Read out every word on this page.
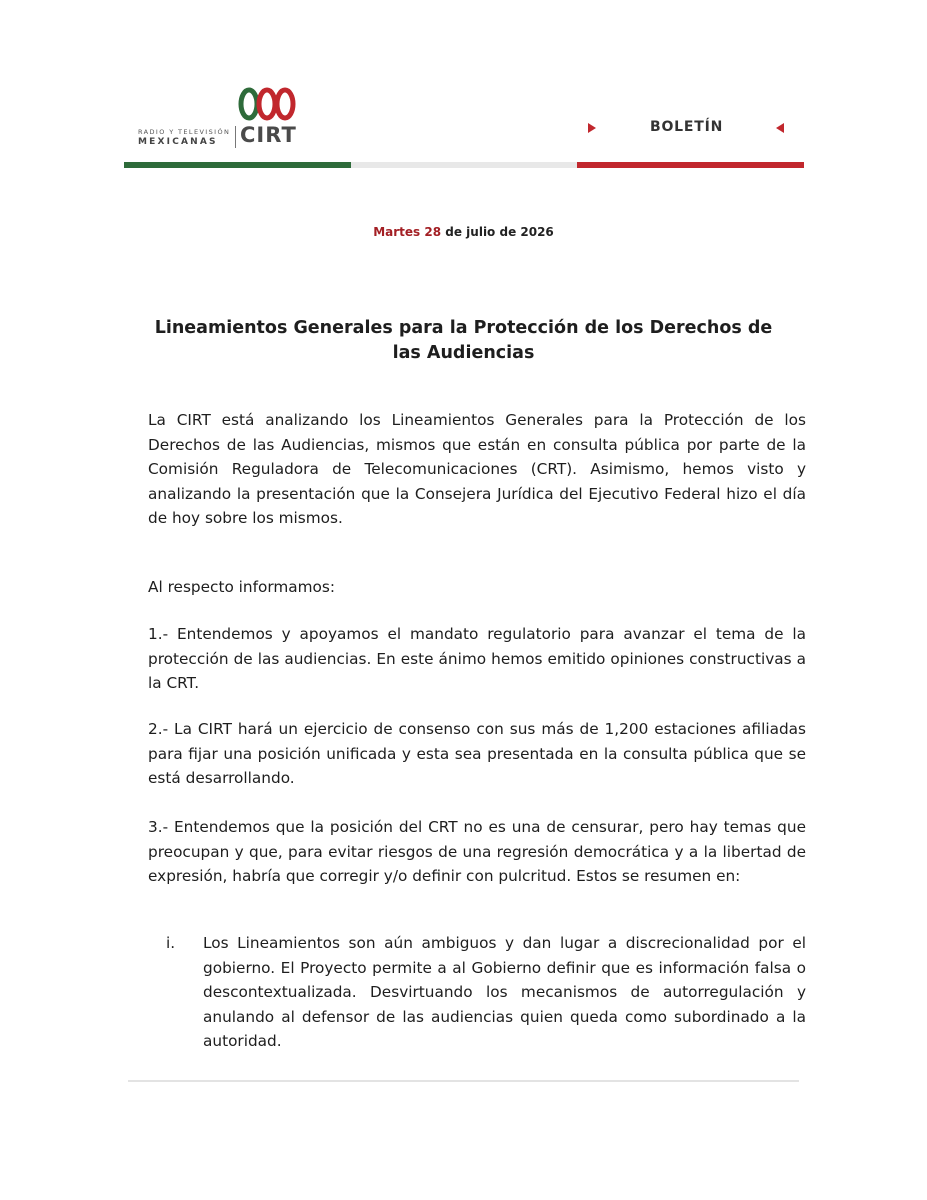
RADIO Y TELEVISIÓN
MEXICANAS	CIRT	BOLETÍN
Martes 28 de julio de 2026
Lineamientos Generales para la Protección de los Derechos de las Audiencias
La CIRT está analizando los Lineamientos Generales para la Protección de los Derechos de las Audiencias, mismos que están en consulta pública por parte de la Comisión Reguladora de Telecomunicaciones (CRT). Asimismo, hemos visto y analizando la presentación que la Consejera Jurídica del Ejecutivo Federal hizo el día de hoy sobre los mismos.
Al respecto informamos:
1.- Entendemos y apoyamos el mandato regulatorio para avanzar el tema de la protección de las audiencias. En este ánimo hemos emitido opiniones constructivas a la CRT.
2.- La CIRT hará un ejercicio de consenso con sus más de 1,200 estaciones afiliadas para fijar una posición unificada y esta sea presentada en la consulta pública que se está desarrollando.
3.- Entendemos que la posición del CRT no es una de censurar, pero hay temas que preocupan y que, para evitar riesgos de una regresión democrática y a la libertad de expresión, habría que corregir y/o definir con pulcritud. Estos se resumen en:
i. Los Lineamientos son aún ambiguos y dan lugar a discrecionalidad por el gobierno. El Proyecto permite a al Gobierno definir que es información falsa o descontextualizada. Desvirtuando los mecanismos de autorregulación y anulando al defensor de las audiencias quien queda como subordinado a la autoridad.
